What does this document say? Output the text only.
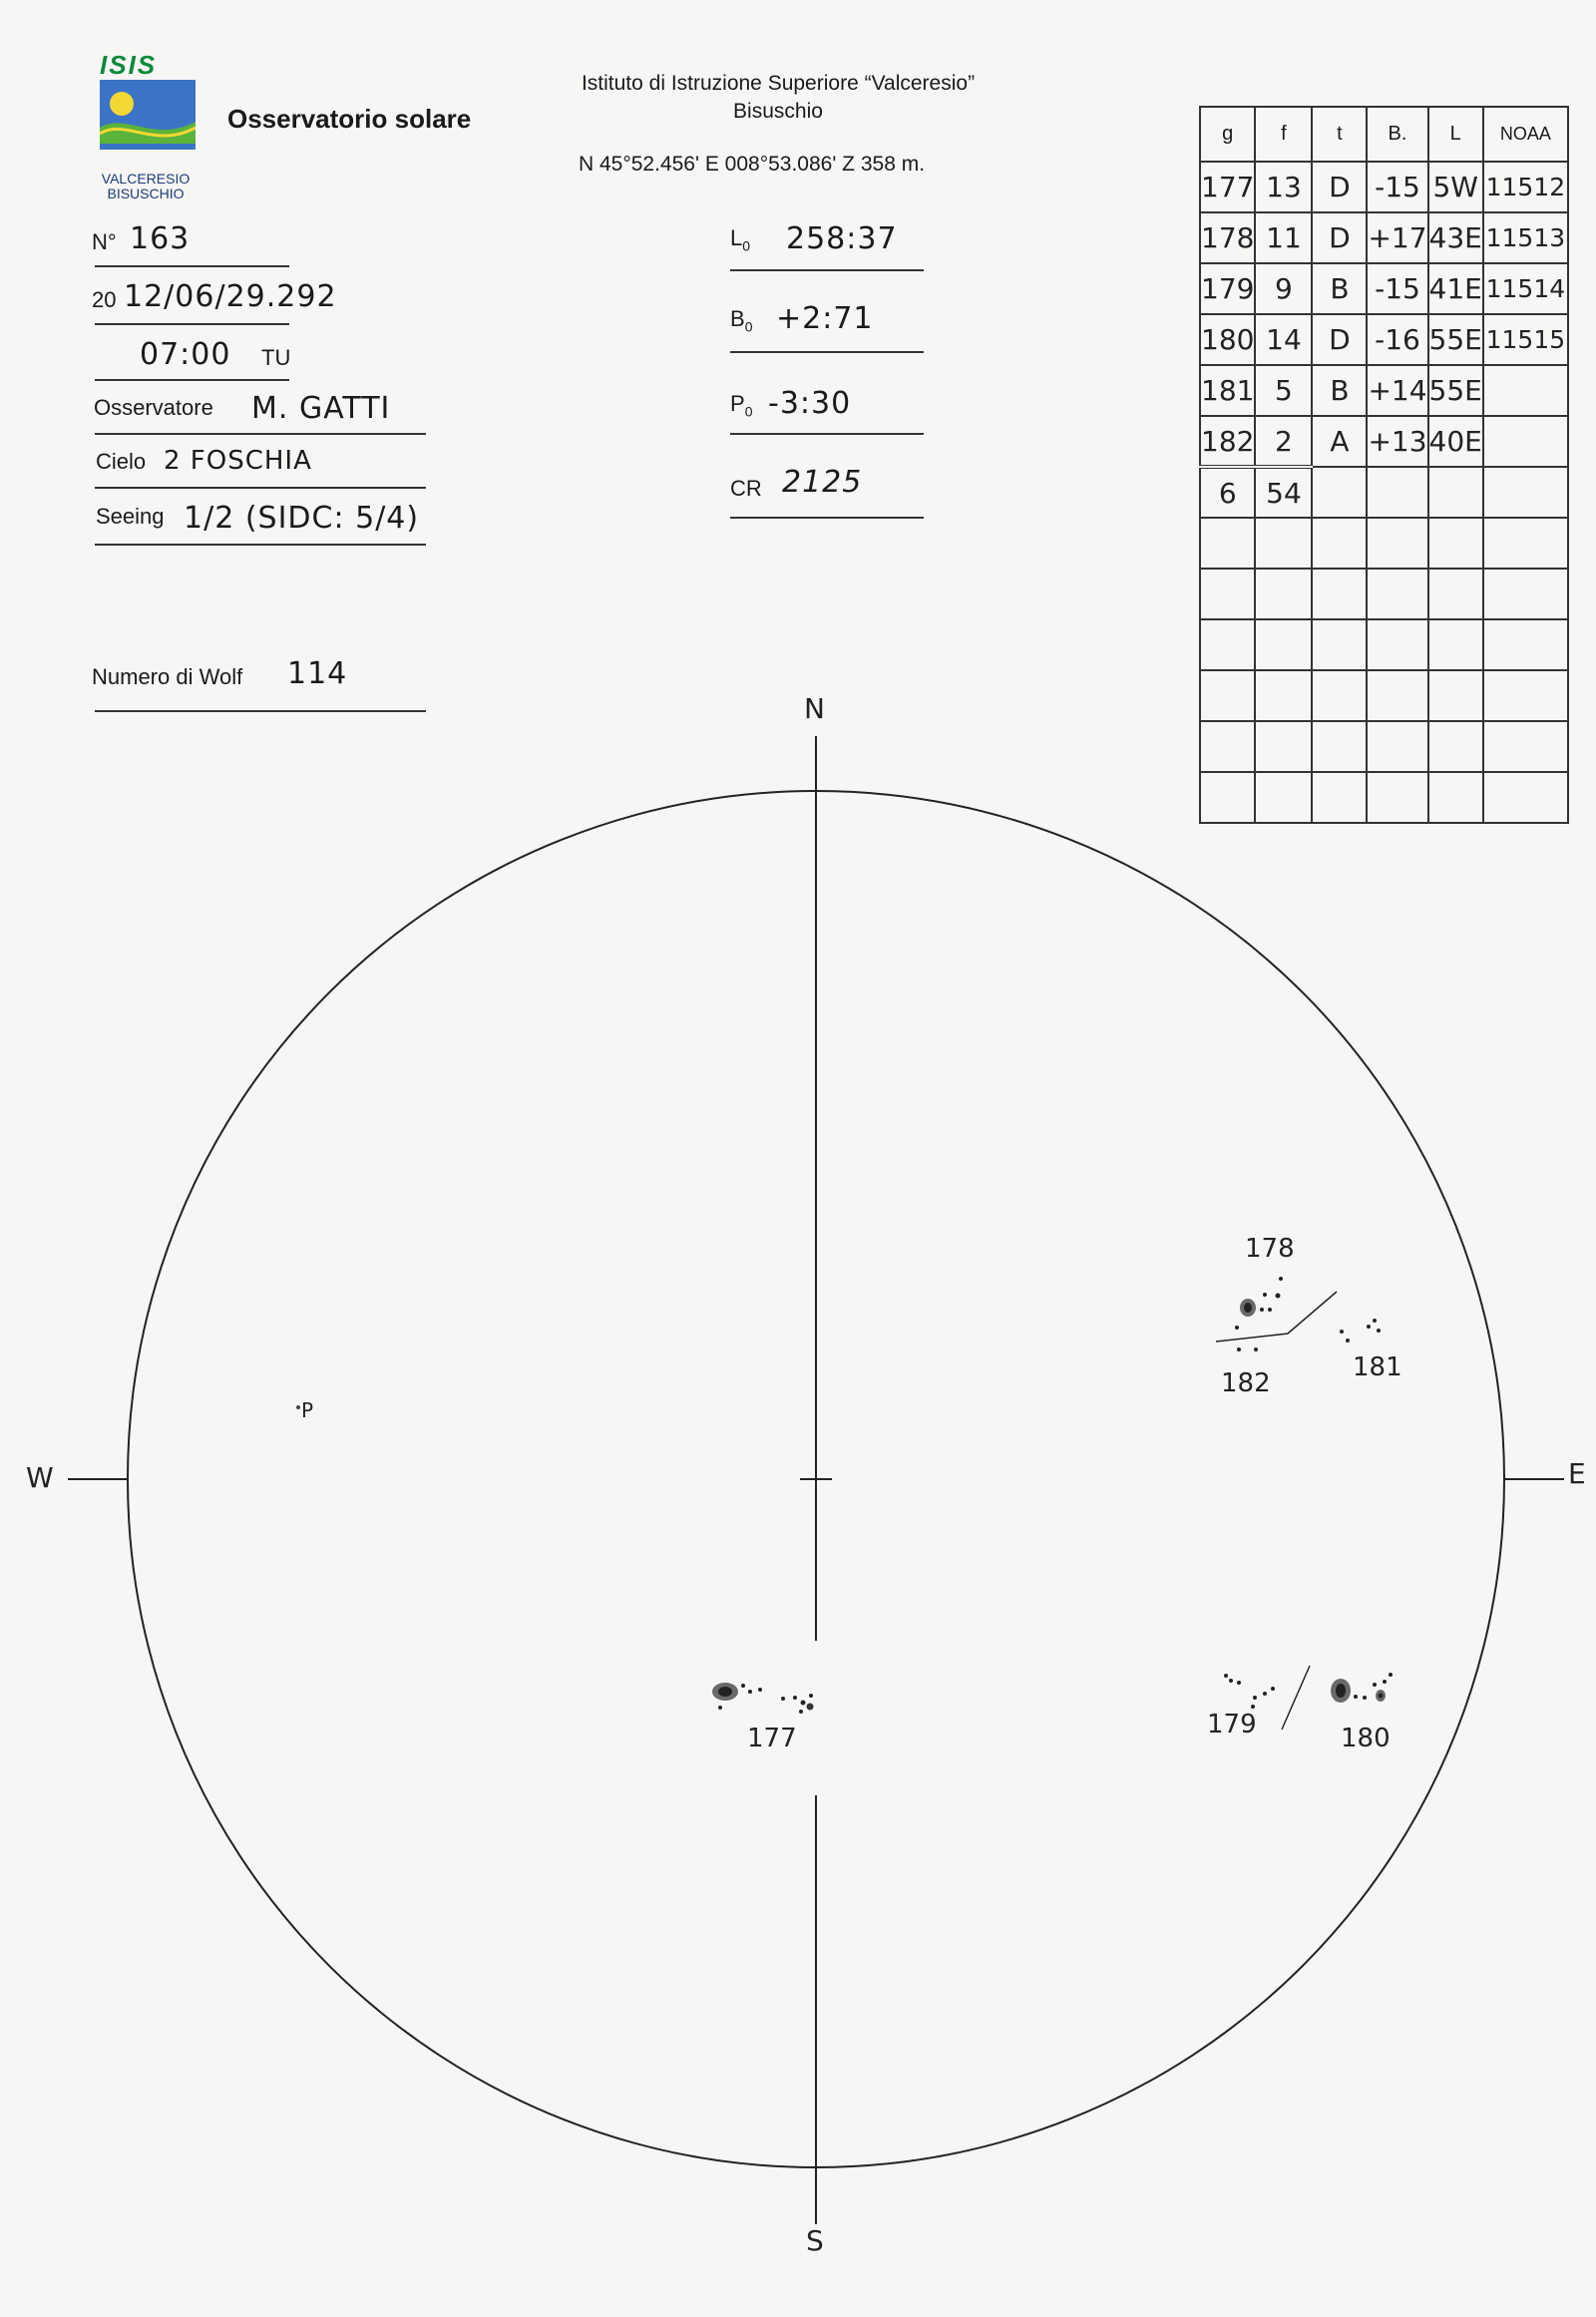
ISIS
VALCERESIO
BISUSCHIO
Osservatorio solare
Istituto di Istruzione Superiore “Valceresio”
Bisuschio
N 45°52.456' E 008°53.086' Z 358 m.
N° 163
20 12/06/29.292
07:00 TU
Osservatore M. GATTI
Cielo 2 FOSCHIA
Seeing 1/2 (SIDC: 5/4)
Numero di Wolf 114
$L_0$ 258:37
$B_0$ +2:71
$P_0$ -3:30
CR 2125
g	f	t	B.	L	NOAA
177	13	D	-15	5W	11512
178	11	D	+17	43E	11513
179	9	B	-15	41E	11514
180	14	D	-16	55E	11515
181	5	B	+14	55E	
182	2	A	+13	40E	
6	54				

N
S
W	E
P
177
178
179	180
181
182
